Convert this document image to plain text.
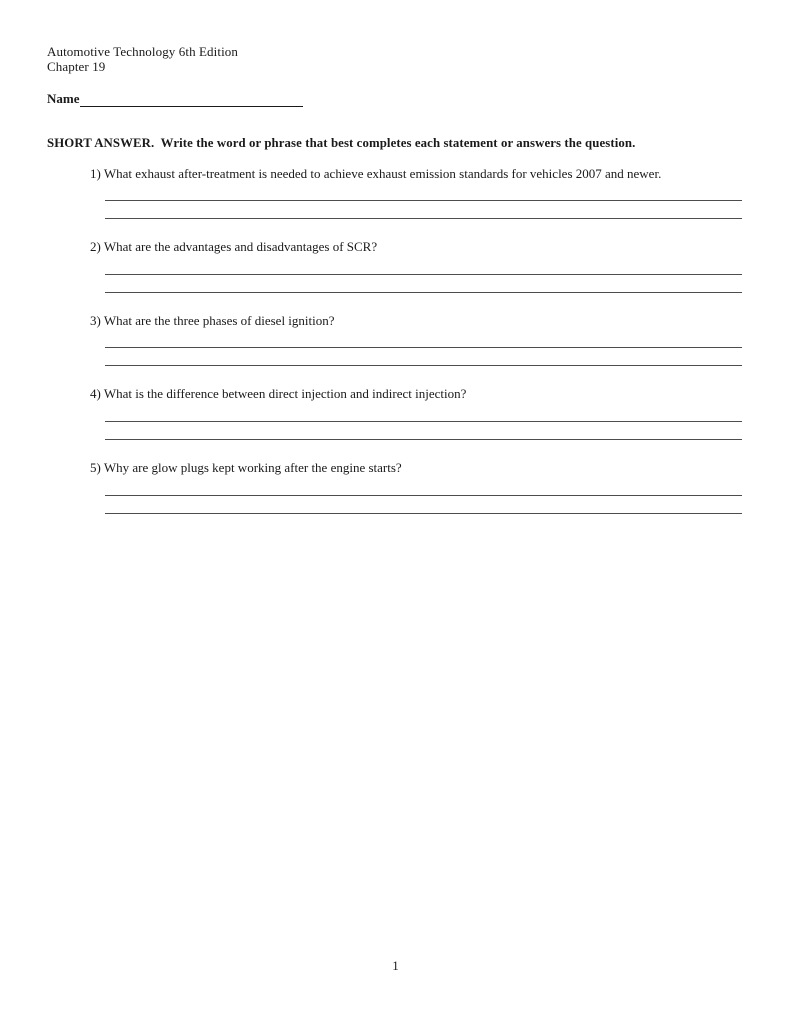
Automotive Technology 6th Edition
Chapter 19
Name
SHORT ANSWER.  Write the word or phrase that best completes each statement or answers the question.
1) What exhaust after-treatment is needed to achieve exhaust emission standards for vehicles 2007 and newer.
2) What are the advantages and disadvantages of SCR?
3) What are the three phases of diesel ignition?
4) What is the difference between direct injection and indirect injection?
5) Why are glow plugs kept working after the engine starts?
1
